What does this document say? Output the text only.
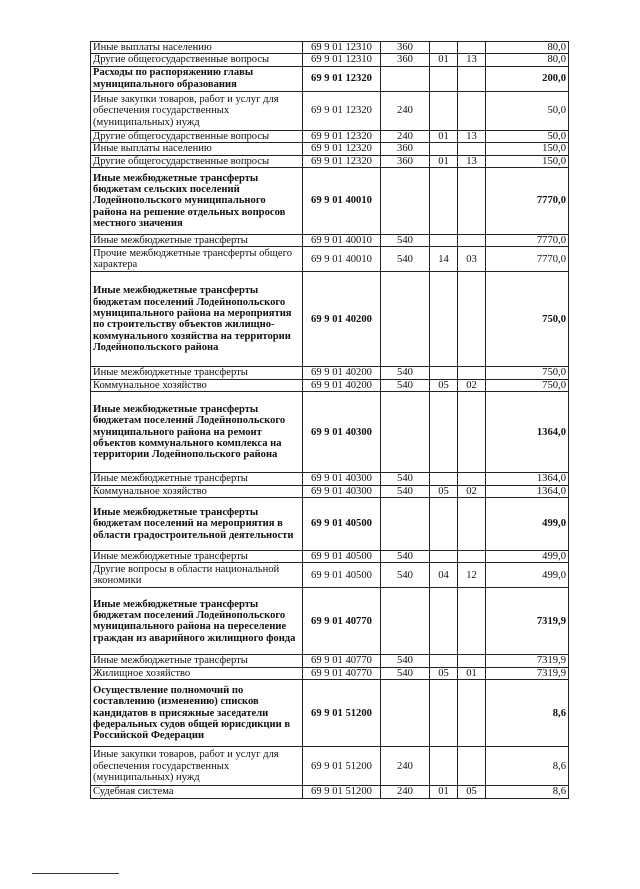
Иные выплаты населению	69 9 01 12310	360			80,0
Другие общегосударственные вопросы	69 9 01 12310	360	01	13	80,0
Расходы по распоряжению главы муниципального образования	69 9 01 12320				200,0
Иные закупки товаров, работ и услуг для обеспечения государственных (муниципальных) нужд	69 9 01 12320	240			50,0
Другие общегосударственные вопросы	69 9 01 12320	240	01	13	50,0
Иные выплаты населению	69 9 01 12320	360			150,0
Другие общегосударственные вопросы	69 9 01 12320	360	01	13	150,0
Иные межбюджетные трансферты бюджетам сельских поселений Лодейнопольского муниципального района на решение отдельных вопросов местного значения	69 9 01 40010				7770,0
Иные межбюджетные трансферты	69 9 01 40010	540			7770,0
Прочие межбюджетные трансферты общего характера	69 9 01 40010	540	14	03	7770,0
Иные межбюджетные трансферты бюджетам поселений Лодейнопольского муниципального района на мероприятия по строительству объектов жилищно-коммунального хозяйства на территории Лодейнопольского района	69 9 01 40200				750,0
Иные межбюджетные трансферты	69 9 01 40200	540			750,0
Коммунальное хозяйство	69 9 01 40200	540	05	02	750,0
Иные межбюджетные трансферты бюджетам поселений Лодейнопольского муниципального района на ремонт объектов коммунального комплекса на территории Лодейнопольского района	69 9 01 40300				1364,0
Иные межбюджетные трансферты	69 9 01 40300	540			1364,0
Коммунальное хозяйство	69 9 01 40300	540	05	02	1364,0
Иные межбюджетные трансферты бюджетам поселений на мероприятия в области градостроительной деятельности	69 9 01 40500				499,0
Иные межбюджетные трансферты	69 9 01 40500	540			499,0
Другие вопросы в области национальной экономики	69 9 01 40500	540	04	12	499,0
Иные межбюджетные трансферты бюджетам поселений Лодейнопольского муниципального района на переселение граждан из аварийного жилищного фонда	69 9 01 40770				7319,9
Иные межбюджетные трансферты	69 9 01 40770	540			7319,9
Жилищное хозяйство	69 9 01 40770	540	05	01	7319,9
Осуществление полномочий по составлению (изменению) списков кандидатов в присяжные заседатели федеральных судов общей юрисдикции в Российской Федерации	69 9 01 51200				8,6
Иные закупки товаров, работ и услуг для обеспечения государственных (муниципальных) нужд	69 9 01 51200	240			8,6
Судебная система	69 9 01 51200	240	01	05	8,6
